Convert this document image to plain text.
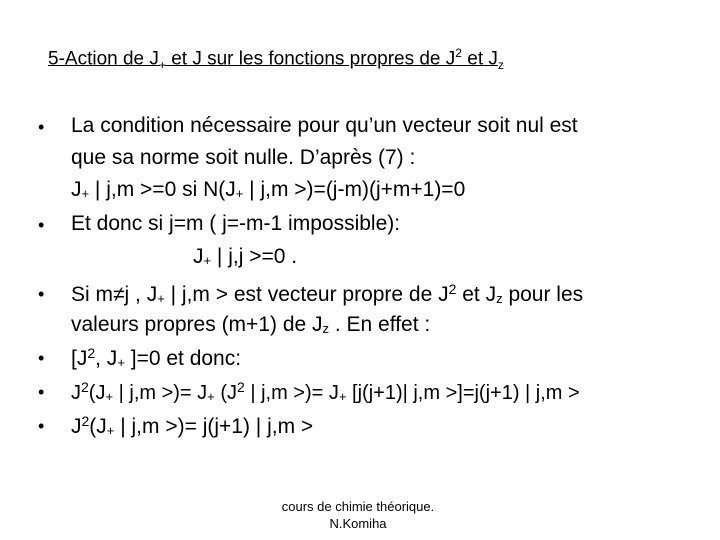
5-Action de $J_+$ et J sur les fonctions propres de $J^2$ et $J_z$
• La condition nécessaire pour qu’un vecteur soit nul est
que sa norme soit nulle. D’après (7) :
J+ | j,m >=0 si N(J+ | j,m >)=(j-m)(j+m+1)=0
• Et donc si j=m ( j=-m-1 impossible):
J+ | j,j >=0 .
• Si m≠j , J+ | j,m > est vecteur propre de $J^2$ et Jz pour les
valeurs propres (m+1) de Jz . En effet :
• [$J^2$, J+ ]=0 et donc:
• $J^2(J+$ | j,m >)= $J+ (J^2$ | j,m >)= J+ [j(j+1)| j,m >]=j(j+1) | j,m >
• $J^2(J+$ | j,m >)= j(j+1) | j,m >
cours de chimie théorique.
N.Komiha
